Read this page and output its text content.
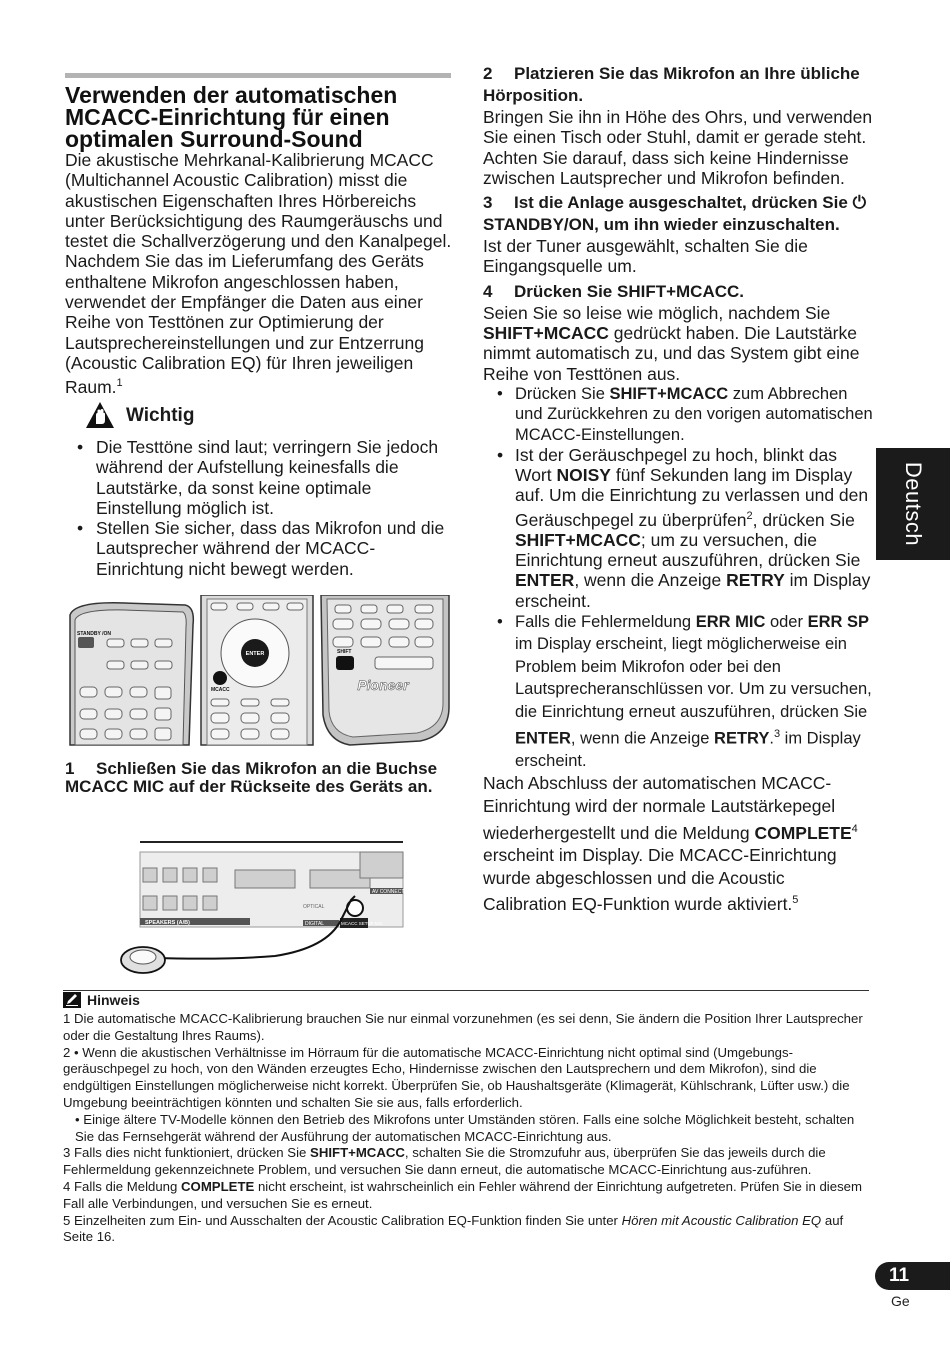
Verwenden der automatischen
MCACC-Einrichtung für einen
optimalen Surround-Sound

Die akustische Mehrkanal-Kalibrierung MCACC (Multichannel Acoustic Calibration) misst die akustischen Eigenschaften Ihres Hörbereichs unter Berücksichtigung des Raumgeräuschs und testet die Schallverzögerung und den Kanalpegel. Nachdem Sie das im Lieferumfang des Geräts enthaltene Mikrofon angeschlossen haben, verwendet der Empfänger die Daten aus einer Reihe von Testtönen zur Optimierung der Lautsprechereinstellungen und zur Entzerrung (Acoustic Calibration EQ) für Ihren jeweiligen Raum.$^1$

Wichtig
• Die Testtöne sind laut; verringern Sie jedoch während der Aufstellung keinesfalls die Lautstärke, da sonst keine optimale Einstellung möglich ist.
• Stellen Sie sicher, dass das Mikrofon und die Lautsprecher während der MCACC-Einrichtung nicht bewegt werden.
STANDBY /ON
ENTER
MCACC
SHIFT
Pioneer
1 Schließen Sie das Mikrofon an die Buchse MCACC MIC auf der Rückseite des Geräts an.
SPEAKERS (A/B)
AV CONNECT
OPTICAL
DIGITAL	MCACC SETUP MIC
2 Platzieren Sie das Mikrofon an Ihre übliche Hörposition.

Bringen Sie ihn in Höhe des Ohrs, und verwenden Sie einen Tisch oder Stuhl, damit er gerade steht.

Achten Sie darauf, dass sich keine Hindernisse zwischen Lautsprecher und Mikrofon befinden.

3 Ist die Anlage ausgeschaltet, drücken Sie ⏻ STANDBY/ON, um ihn wieder einzuschalten.

Ist der Tuner ausgewählt, schalten Sie die Eingangsquelle um.

4 Drücken Sie SHIFT+MCACC.

Seien Sie so leise wie möglich, nachdem Sie SHIFT+MCACC gedrückt haben. Die Lautstärke nimmt automatisch zu, und das System gibt eine Reihe von Testtönen aus.

• Drücken Sie SHIFT+MCACC zum Abbrechen und Zurückkehren zu den vorigen automatischen MCACC-Einstellungen.
• Ist der Geräuschpegel zu hoch, blinkt das Wort NOISY fünf Sekunden lang im Display auf. Um die Einrichtung zu verlassen und den Geräuschpegel zu überprüfen$^2$, drücken Sie SHIFT+MCACC; um zu versuchen, die Einrichtung erneut auszuführen, drücken Sie ENTER, wenn die Anzeige RETRY im Display erscheint.
• Falls die Fehlermeldung ERR MIC oder ERR SP im Display erscheint, liegt möglicherweise ein Problem beim Mikrofon oder bei den Lautsprecheranschlüssen vor. Um zu versuchen, die Einrichtung erneut auszuführen, drücken Sie ENTER, wenn die Anzeige RETRY.$^3$ im Display erscheint.

Nach Abschluss der automatischen MCACC-Einrichtung wird der normale Lautstärkepegel wiederhergestellt und die Meldung COMPLETE$^4$ erscheint im Display. Die MCACC-Einrichtung wurde abgeschlossen und die Acoustic Calibration EQ-Funktion wurde aktiviert.$^5$

Deutsch
Hinweis

1 Die automatische MCACC-Kalibrierung brauchen Sie nur einmal vorzunehmen (es sei denn, Sie ändern die Position Ihrer Lautsprecher oder die Gestaltung Ihres Raums).

2 • Wenn die akustischen Verhältnisse im Hörraum für die automatische MCACC-Einrichtung nicht optimal sind (Umgebungs-geräuschpegel zu hoch, von den Wänden erzeugtes Echo, Hindernisse zwischen den Lautsprechern und dem Mikrofon), sind die endgültigen Einstellungen möglicherweise nicht korrekt. Überprüfen Sie, ob Haushaltsgeräte (Klimagerät, Kühlschrank, Lüfter usw.) die Umgebung beeinträchtigen könnten und schalten Sie sie aus, falls erforderlich.

• Einige ältere TV-Modelle können den Betrieb des Mikrofons unter Umständen stören. Falls eine solche Möglichkeit besteht, schalten Sie das Fernsehgerät während der Ausführung der automatischen MCACC-Einrichtung aus.

3 Falls dies nicht funktioniert, drücken Sie SHIFT+MCACC, schalten Sie die Stromzufuhr aus, überprüfen Sie das jeweils durch die Fehlermeldung gekennzeichnete Problem, und versuchen Sie dann erneut, die automatische MCACC-Einrichtung aus-zuführen.

4 Falls die Meldung COMPLETE nicht erscheint, ist wahrscheinlich ein Fehler während der Einrichtung aufgetreten. Prüfen Sie in diesem Fall alle Verbindungen, und versuchen Sie es erneut.

5 Einzelheiten zum Ein- und Ausschalten der Acoustic Calibration EQ-Funktion finden Sie unter Hören mit Acoustic Calibration EQ auf Seite 16.

11
Ge
